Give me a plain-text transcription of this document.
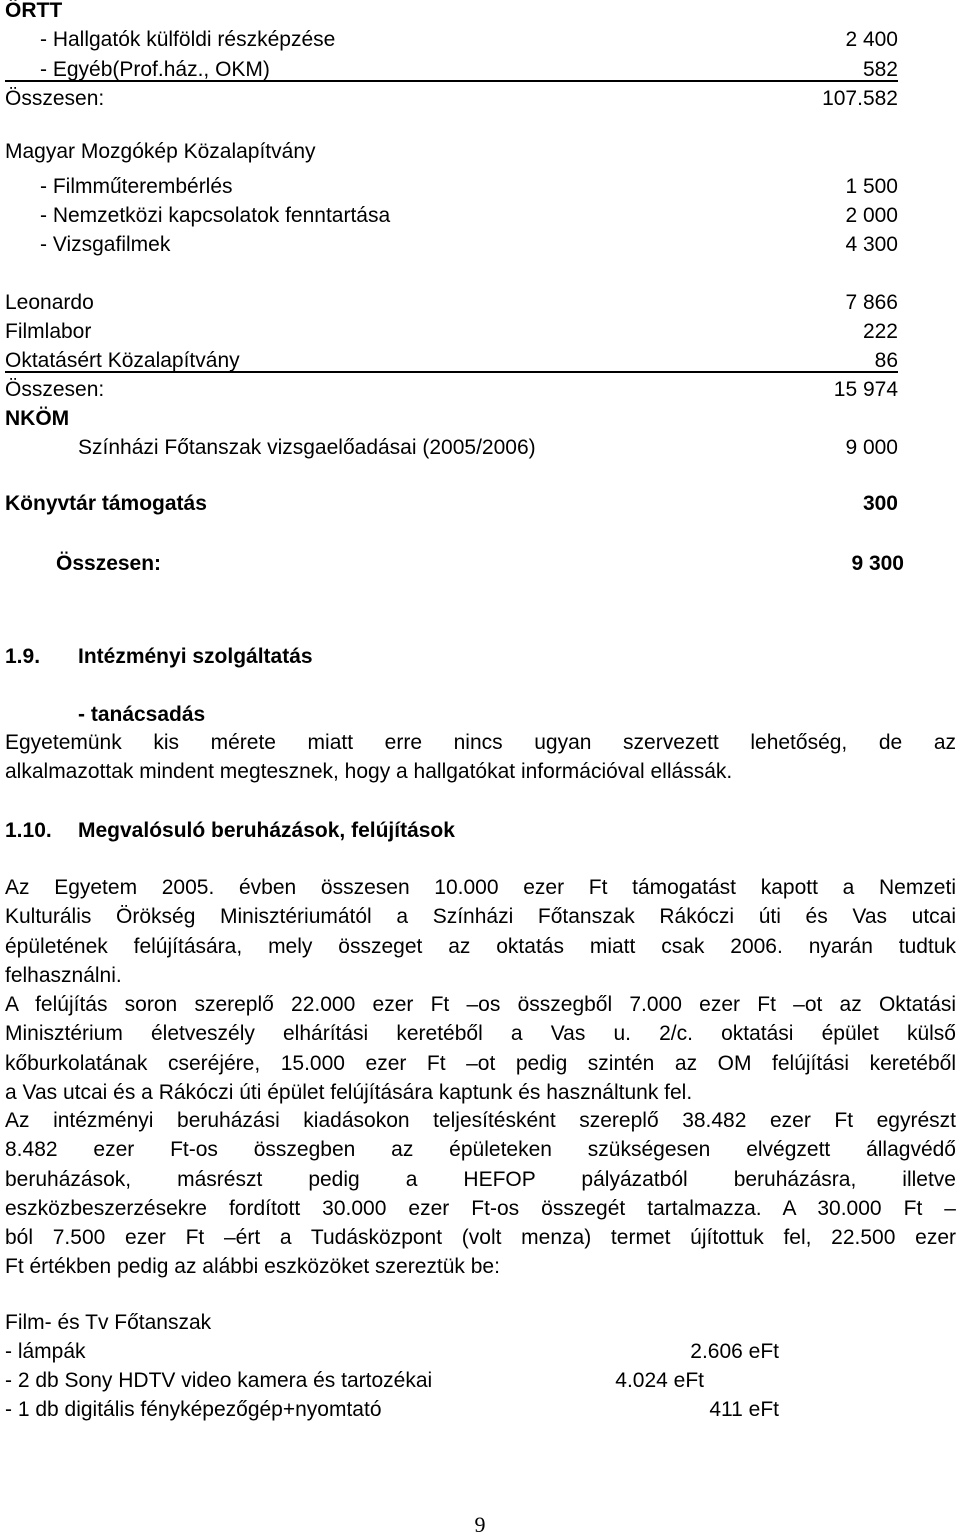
ÖRTT
- Hallgatók külföldi részképzése	2 400
- Egyéb(Prof.ház., OKM)	582
Összesen:	107.582
Magyar Mozgókép Közalapítvány
- Filmműterembérlés	1 500
- Nemzetközi kapcsolatok fenntartása	2 000
- Vizsgafilmek	4 300
Leonardo	7 866
Filmlabor	222
Oktatásért Közalapítvány	86
Összesen:	15 974
NKÖM
Színházi Főtanszak vizsgaelőadásai (2005/2006)	9 000
Könyvtár támogatás	300
Összesen:	9 300
1.9. Intézményi szolgáltatás
- tanácsadás
Egyetemünk kis mérete miatt erre nincs ugyan szervezett lehetőség, de az
alkalmazottak mindent megtesznek, hogy a hallgatókat információval ellássák.
1.10. Megvalósuló beruházások, felújítások
Az Egyetem 2005. évben összesen 10.000 ezer Ft támogatást kapott a Nemzeti
Kulturális Örökség Minisztériumától a Színházi Főtanszak Rákóczi úti és Vas utcai
épületének felújítására, mely összeget az oktatás miatt csak 2006. nyarán tudtuk
felhasználni.
A felújítás soron szereplő 22.000 ezer Ft –os összegből 7.000 ezer Ft –ot az Oktatási
Minisztérium életveszély elhárítási keretéből a Vas u. 2/c. oktatási épület külső
kőburkolatának cseréjére, 15.000 ezer Ft –ot pedig szintén az OM felújítási keretéből
a Vas utcai és a Rákóczi úti épület felújítására kaptunk és használtunk fel.
Az intézményi beruházási kiadásokon teljesítésként szereplő 38.482 ezer Ft egyrészt
8.482 ezer Ft-os összegben az épületeken szükségesen elvégzett állagvédő
beruházások, másrészt pedig a HEFOP pályázatból beruházásra, illetve
eszközbeszerzésekre fordított 30.000 ezer Ft-os összegét tartalmazza. A 30.000 Ft –
ból 7.500 ezer Ft –ért a Tudásközpont (volt menza) termet újítottuk fel, 22.500 ezer
Ft értékben pedig az alábbi eszközöket szereztük be:
Film- és Tv Főtanszak
- lámpák	2.606 eFt
- 2 db Sony HDTV video kamera és tartozékai	4.024 eFt
- 1 db digitális fényképezőgép+nyomtató	411 eFt
9
